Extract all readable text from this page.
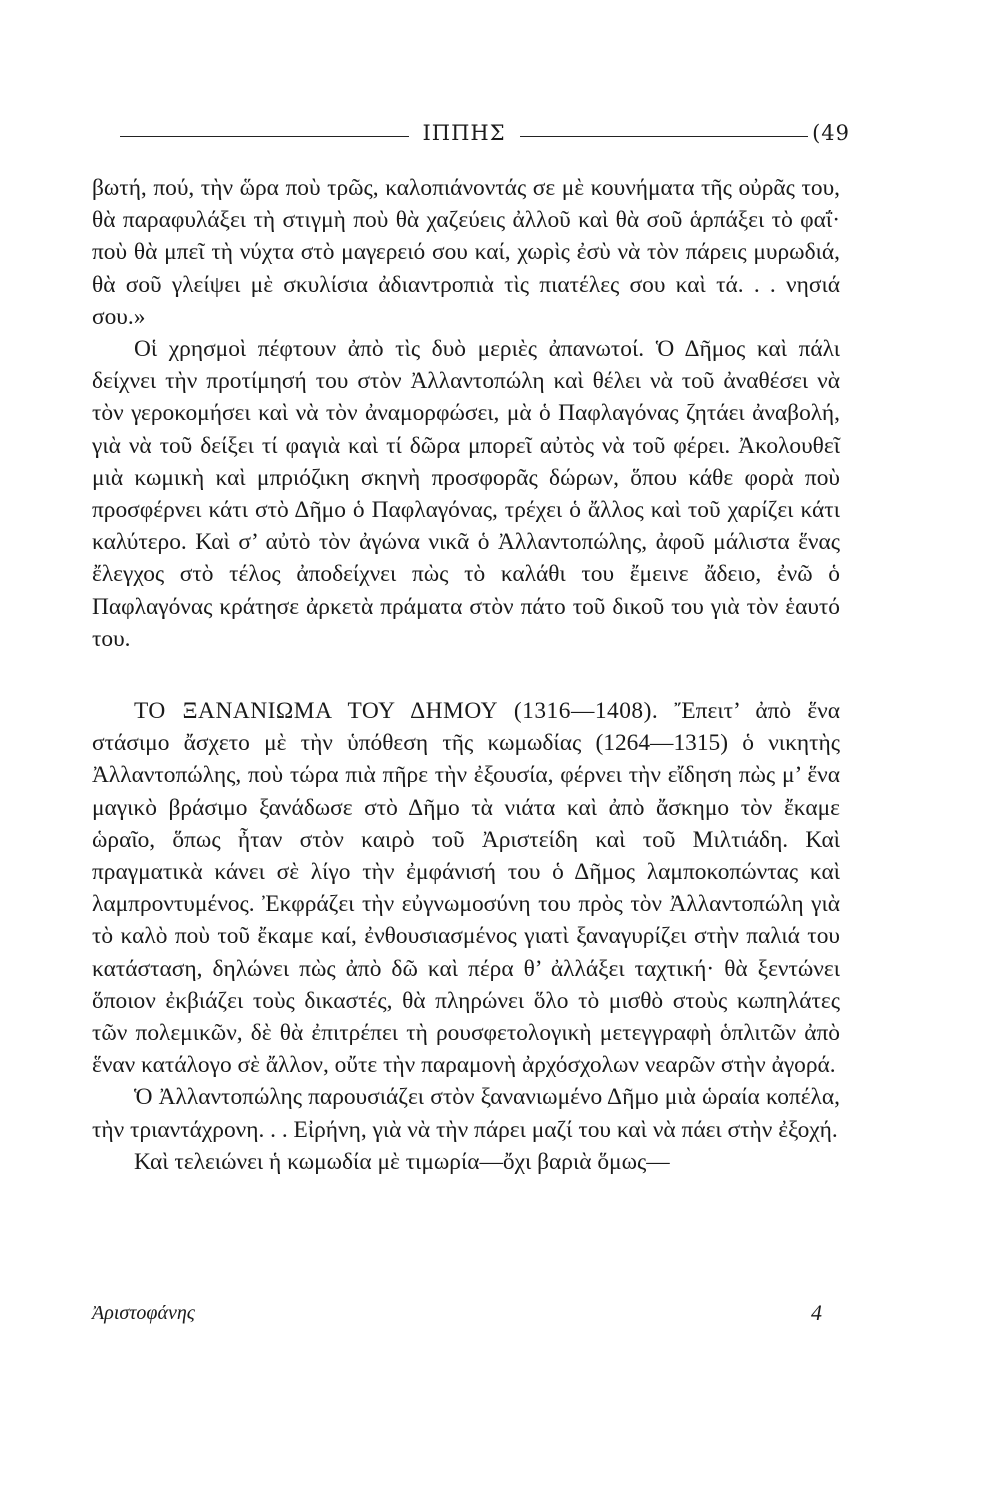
ΙΠΠΗΣ	(49

βωτή, πού, τὴν ὥρα ποὺ τρῶς, καλοπιάνοντάς σε μὲ κουνήματα τῆς οὐρᾶς του, θὰ παραφυλάξει τὴ στιγμὴ ποὺ θὰ χαζεύεις ἀλλοῦ καὶ θὰ σοῦ ἁρπάξει τὸ φαΐ· ποὺ θὰ μπεῖ τὴ νύχτα στὸ μαγερειό σου καί, χωρὶς ἐσὺ νὰ τὸν πάρεις μυρωδιά, θὰ σοῦ γλείψει μὲ σκυλίσια ἀδιαντροπιὰ τὶς πιατέλες σου καὶ τά. . . νησιά σου.»

Οἱ χρησμοὶ πέφτουν ἀπὸ τὶς δυὸ μεριὲς ἀπανωτοί. Ὁ Δῆμος καὶ πάλι δείχνει τὴν προτίμησή του στὸν Ἀλλαντοπώλη καὶ θέλει νὰ τοῦ ἀναθέσει νὰ τὸν γεροκομήσει καὶ νὰ τὸν ἀναμορφώσει, μὰ ὁ Παφλαγόνας ζητάει ἀναβολή, γιὰ νὰ τοῦ δείξει τί φαγιὰ καὶ τί δῶρα μπορεῖ αὐτὸς νὰ τοῦ φέρει. Ἀκολουθεῖ μιὰ κωμικὴ καὶ μπριόζικη σκηνὴ προσφορᾶς δώρων, ὅπου κάθε φορὰ ποὺ προσφέρνει κάτι στὸ Δῆμο ὁ Παφλαγόνας, τρέχει ὁ ἄλλος καὶ τοῦ χαρίζει κάτι καλύτερο. Καὶ σ’ αὐτὸ τὸν ἀγώνα νικᾶ ὁ Ἀλλαντοπώλης, ἀφοῦ μάλιστα ἕνας ἔλεγχος στὸ τέλος ἀποδείχνει πὼς τὸ καλάθι του ἔμεινε ἄδειο, ἐνῶ ὁ Παφλαγόνας κράτησε ἀρκετὰ πράματα στὸν πάτο τοῦ δικοῦ του γιὰ τὸν ἑαυτό του.

ΤΟ ΞΑΝΑΝΙΩΜΑ ΤΟΥ ΔΗΜΟΥ (1316—1408). Ἔπειτ’ ἀπὸ ἕνα στάσιμο ἄσχετο μὲ τὴν ὑπόθεση τῆς κωμωδίας (1264—1315) ὁ νικητὴς Ἀλλαντοπώλης, ποὺ τώρα πιὰ πῆρε τὴν ἐξουσία, φέρνει τὴν εἴδηση πὼς μ’ ἕνα μαγικὸ βράσιμο ξανάδωσε στὸ Δῆμο τὰ νιάτα καὶ ἀπὸ ἄσκημο τὸν ἔκαμε ὡραῖο, ὅπως ἦταν στὸν καιρὸ τοῦ Ἀριστείδη καὶ τοῦ Μιλτιάδη. Καὶ πραγματικὰ κάνει σὲ λίγο τὴν ἐμφάνισή του ὁ Δῆμος λαμποκοπώντας καὶ λαμπροντυμένος. Ἐκφράζει τὴν εὐγνωμοσύνη του πρὸς τὸν Ἀλλαντοπώλη γιὰ τὸ καλὸ ποὺ τοῦ ἔκαμε καί, ἐνθουσιασμένος γιατὶ ξαναγυρίζει στὴν παλιά του κατάσταση, δηλώνει πὼς ἀπὸ δῶ καὶ πέρα θ’ ἀλλάξει ταχτική· θὰ ξεντώνει ὅποιον ἐκβιάζει τοὺς δικαστές, θὰ πληρώνει ὅλο τὸ μισθὸ στοὺς κωπηλάτες τῶν πολεμικῶν, δὲ θὰ ἐπιτρέπει τὴ ρουσφετολογικὴ μετεγγραφὴ ὁπλιτῶν ἀπὸ ἕναν κατάλογο σὲ ἄλλον, οὔτε τὴν παραμονὴ ἀρχόσχολων νεαρῶν στὴν ἀγορά.

Ὁ Ἀλλαντοπώλης παρουσιάζει στὸν ξανανιωμένο Δῆμο μιὰ ὡραία κοπέλα, τὴν τριαντάχρονη. . . Εἰρήνη, γιὰ νὰ τὴν πάρει μαζί του καὶ νὰ πάει στὴν ἐξοχή.

Καὶ τελειώνει ἡ κωμωδία μὲ τιμωρία—ὄχι βαριὰ ὅμως—

Ἀριστοφάνης	4
